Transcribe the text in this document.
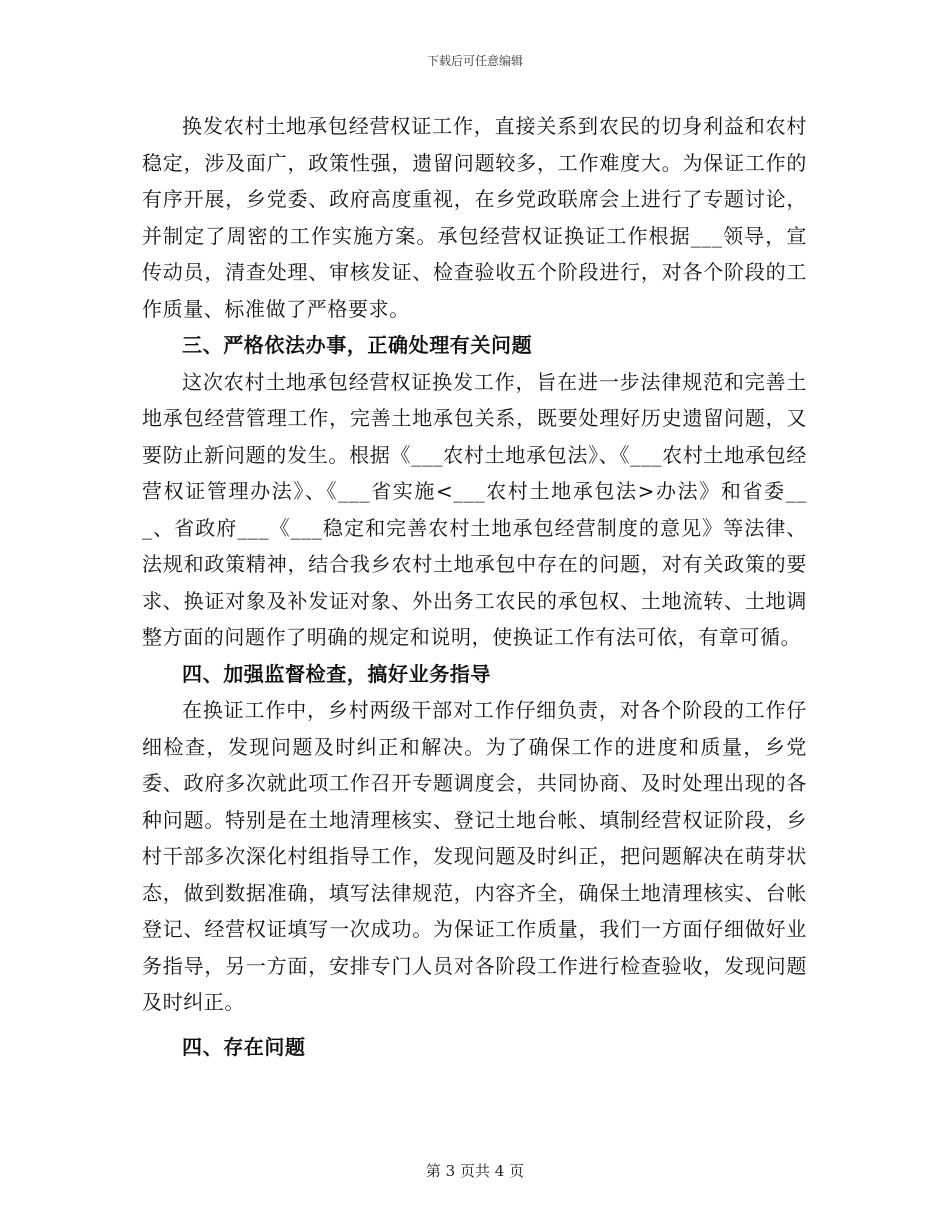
下载后可任意编辑

换发农村土地承包经营权证工作，直接关系到农民的切身利益和农村稳定，涉及面广，政策性强，遗留问题较多，工作难度大。为保证工作的有序开展，乡党委、政府高度重视，在乡党政联席会上进行了专题讨论，并制定了周密的工作实施方案。承包经营权证换证工作根据___领导，宣传动员，清查处理、审核发证、检查验收五个阶段进行，对各个阶段的工作质量、标准做了严格要求。

三、严格依法办事，正确处理有关问题

这次农村土地承包经营权证换发工作，旨在进一步法律规范和完善土地承包经营管理工作，完善土地承包关系，既要处理好历史遗留问题，又要防止新问题的发生。根据《___农村土地承包法》、《___农村土地承包经营权证管理办法》、《___省实施<___农村土地承包法>办法》和省委___、省政府___《___稳定和完善农村土地承包经营制度的意见》等法律、法规和政策精神，结合我乡农村土地承包中存在的问题，对有关政策的要求、换证对象及补发证对象、外出务工农民的承包权、土地流转、土地调整方面的问题作了明确的规定和说明，使换证工作有法可依，有章可循。

四、加强监督检查，搞好业务指导

在换证工作中，乡村两级干部对工作仔细负责，对各个阶段的工作仔细检查，发现问题及时纠正和解决。为了确保工作的进度和质量，乡党委、政府多次就此项工作召开专题调度会，共同协商、及时处理出现的各种问题。特别是在土地清理核实、登记土地台帐、填制经营权证阶段，乡村干部多次深化村组指导工作，发现问题及时纠正，把问题解决在萌芽状态，做到数据准确，填写法律规范，内容齐全，确保土地清理核实、台帐登记、经营权证填写一次成功。为保证工作质量，我们一方面仔细做好业务指导，另一方面，安排专门人员对各阶段工作进行检查验收，发现问题及时纠正。

四、存在问题

第 3 页共 4 页
